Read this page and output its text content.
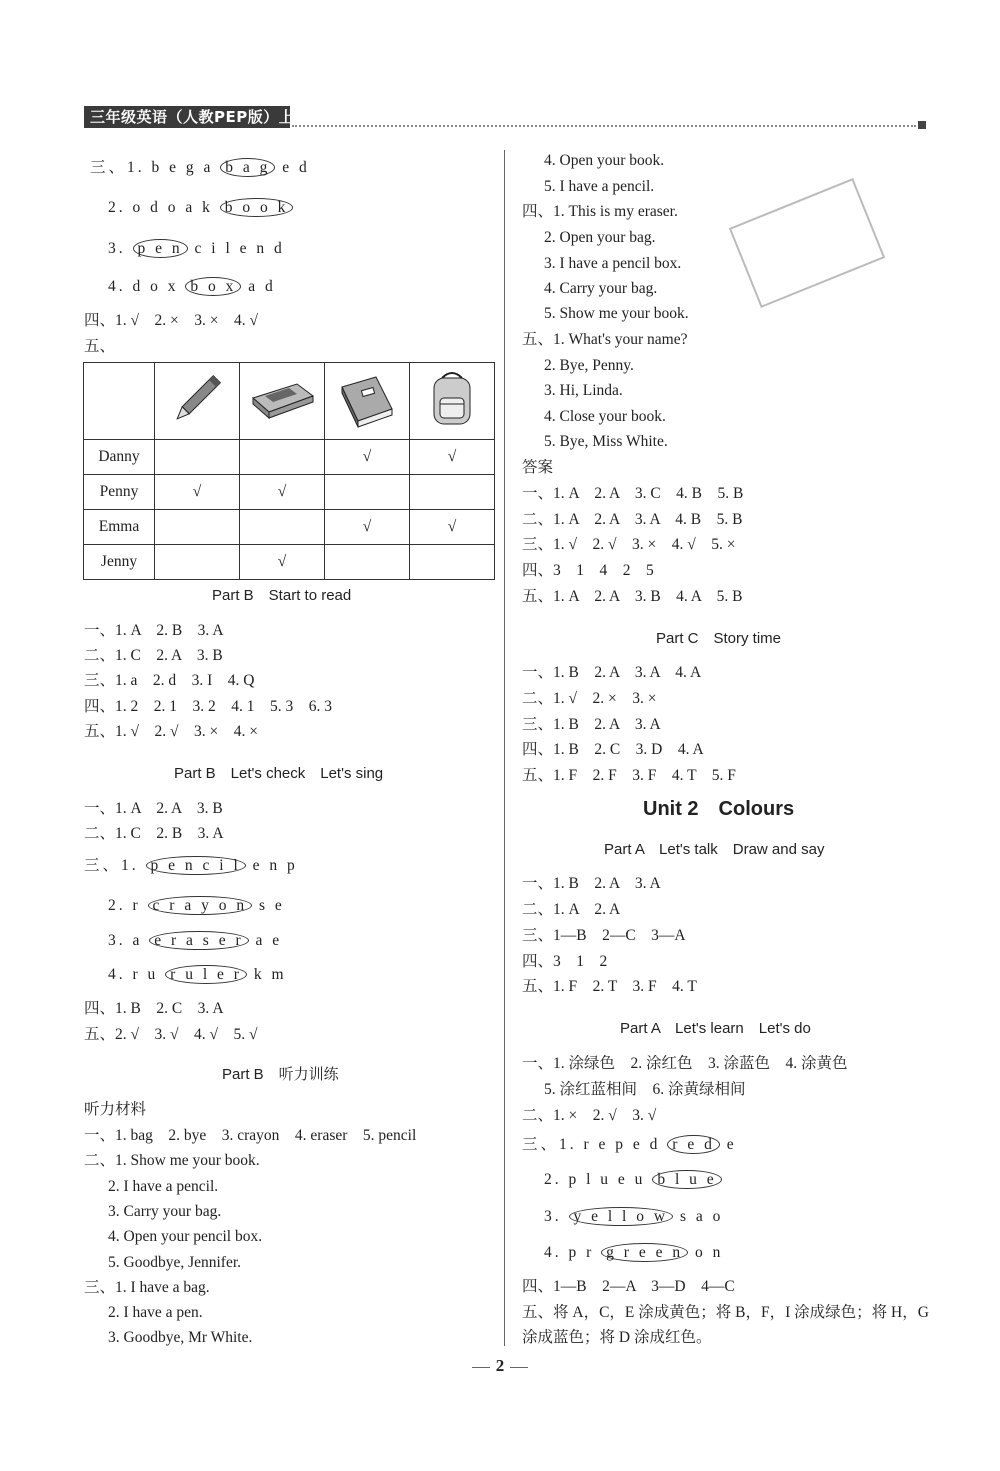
三年级英语（人教PEP版）上
三、1. b e g a b a g e d
2. o d o a k b o o k
3. p e n c i l e n d
4. d o x b o x a d
四、1. √　2. ×　3. ×　4. √
五、

Danny			√	√
Penny	√	√		
Emma			√	√
Jenny		√		
Part B　Start to read
一、1. A　2. B　3. A
二、1. C　2. A　3. B
三、1. a　2. d　3. I　4. Q
四、1. 2　2. 1　3. 2　4. 1　5. 3　6. 3
五、1. √　2. √　3. ×　4. ×
Part B　Let's check　Let's sing
一、1. A　2. A　3. B
二、1. C　2. B　3. A
三、1. p e n c i l e n p
2. r c r a y o n s e
3. a e r a s e r a e
4. r u r u l e r k m
四、1. B　2. C　3. A
五、2. √　3. √　4. √　5. √
Part B　听力训练
听力材料
一、1. bag　2. bye　3. crayon　4. eraser　5. pencil
二、1. Show me your book.
2. I have a pencil.
3. Carry your bag.
4. Open your pencil box.
5. Goodbye, Jennifer.
三、1. I have a bag.
2. I have a pen.
3. Goodbye, Mr White.
4. Open your book.
5. I have a pencil.
四、1. This is my eraser.
2. Open your bag.
3. I have a pencil box.
4. Carry your bag.
5. Show me your book.
五、1. What's your name?
2. Bye, Penny.
3. Hi, Linda.
4. Close your book.
5. Bye, Miss White.
答案
一、1. A　2. A　3. C　4. B　5. B
二、1. A　2. A　3. A　4. B　5. B
三、1. √　2. √　3. ×　4. √　5. ×
四、3　1　4　2　5
五、1. A　2. A　3. B　4. A　5. B
Part C　Story time
一、1. B　2. A　3. A　4. A
二、1. √　2. ×　3. ×
三、1. B　2. A　3. A
四、1. B　2. C　3. D　4. A
五、1. F　2. F　3. F　4. T　5. F
Unit 2　Colours
Part A　Let's talk　Draw and say
一、1. B　2. A　3. A
二、1. A　2. A
三、1—B　2—C　3—A
四、3　1　2
五、1. F　2. T　3. F　4. T
Part A　Let's learn　Let's do
一、1. 涂绿色　2. 涂红色　3. 涂蓝色　4. 涂黄色
5. 涂红蓝相间　6. 涂黄绿相间
二、1. ×　2. √　3. √
三、1. r e p e d r e d e
2. p l u e u b l u e
3. y e l l o w s a o
4. p r g r e e n o n
四、1—B　2—A　3—D　4—C
五、将 A，C，E 涂成黄色；将 B，F，I 涂成绿色；将 H，G
涂成蓝色；将 D 涂成红色。
2
